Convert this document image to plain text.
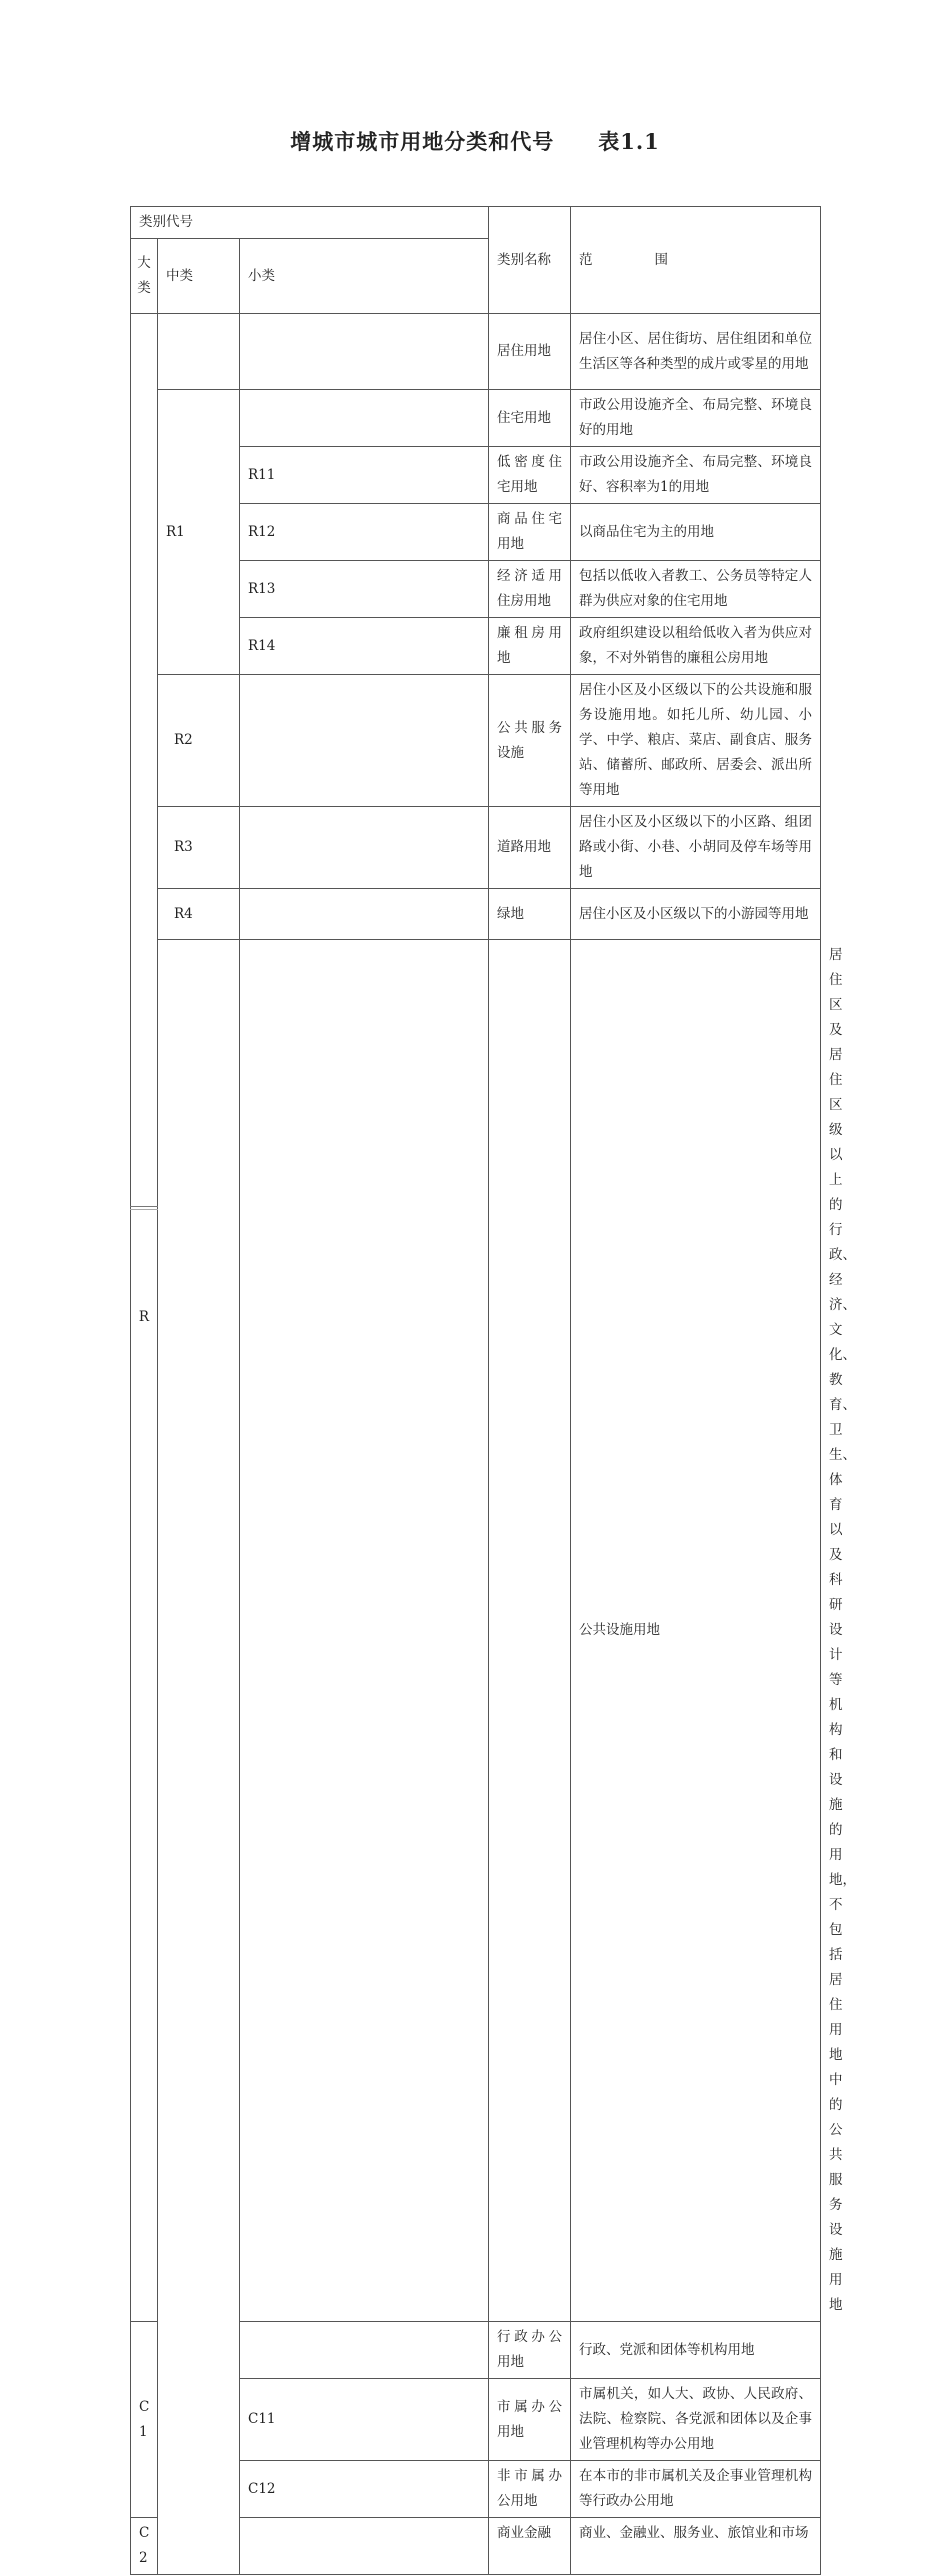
增城市城市用地分类和代号　　表1.1
类别代号			类别名称	范 围	
大类	中类	小类			
R			居住用地	居住小区、居住街坊、居住组团和单位生活区等各种类型的成片或零星的用地	
	R1		住宅用地	市政公用设施齐全、布局完整、环境良好的用地	
		R11	低密度住宅用地	市政公用设施齐全、布局完整、环境良好、容积率为1的用地	
		R12	商品住宅用地	以商品住宅为主的用地	
		R13	经济适用住房用地	包括以低收入者教工、公务员等特定人群为供应对象的住宅用地	
		R14	廉租房用地	政府组织建设以租给低收入者为供应对象，不对外销售的廉租公房用地	
	R2		公共服务设施	居住小区及小区级以下的公共设施和服务设施用地。如托儿所、幼儿园、小学、中学、粮店、菜店、副食店、服务站、储蓄所、邮政所、居委会、派出所等用地	
	R3		道路用地	居住小区及小区级以下的小区路、组团路或小街、小巷、小胡同及停车场等用地	
	R4		绿地	居住小区及小区级以下的小游园等用地	
				公共设施用地	居住区及居住区级以上的行政、经济、文化、教育、卫生、体育以及科研设计等机构和设施的用地，不包括居住用地中的公共服务设施用地
C1			行政办公用地	行政、党派和团体等机构用地	
		C11	市属办公用地	市属机关，如人大、政协、人民政府、法院、检察院、各党派和团体以及企事业管理机构等办公用地	
		C12	非市属办公用地	在本市的非市属机关及企事业管理机构等行政办公用地	
C2			商业金融	商业、金融业、服务业、旅馆业和市场	
